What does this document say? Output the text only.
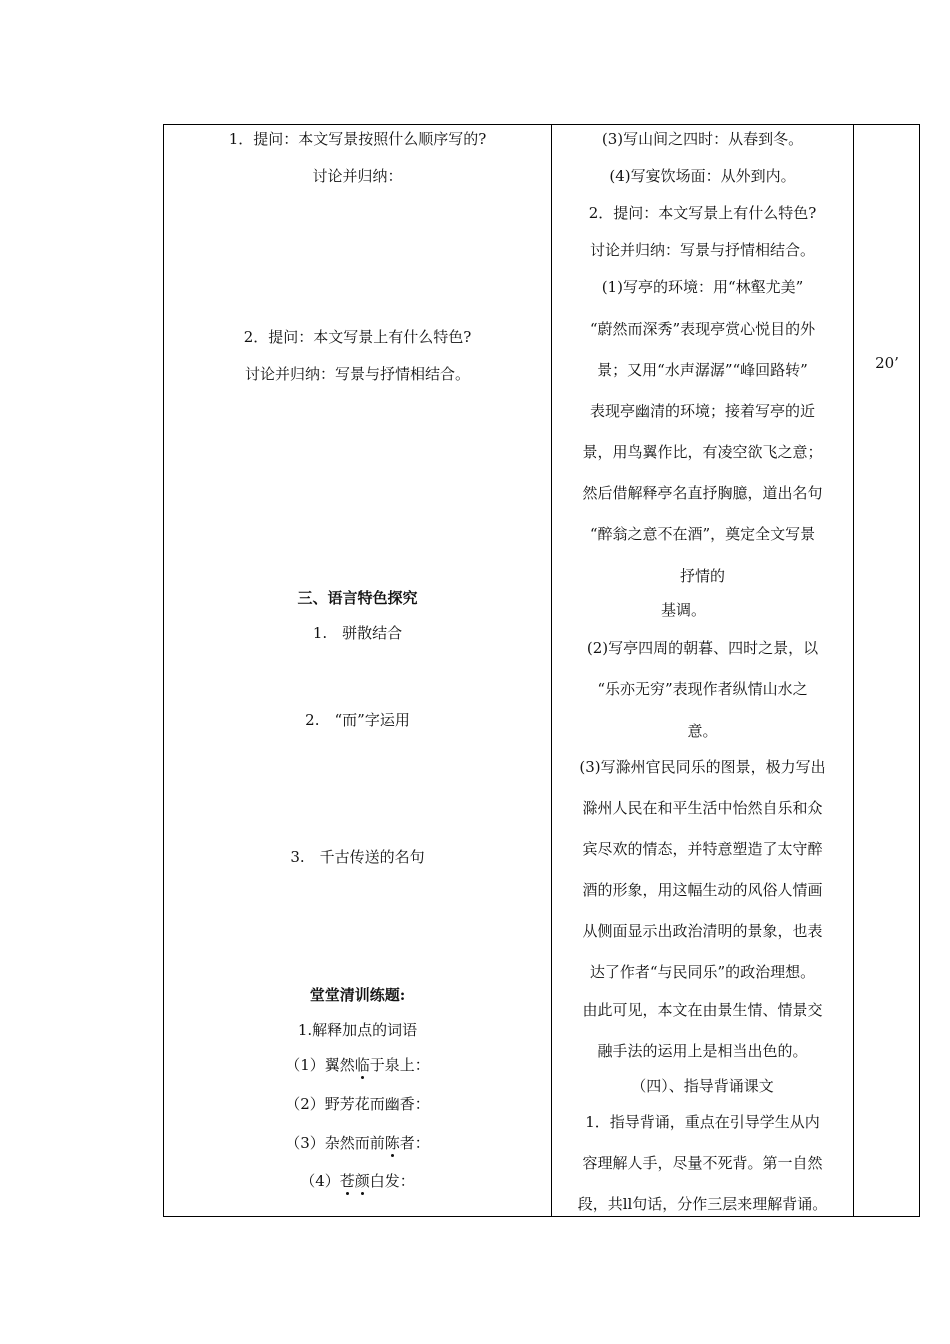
1．提问：本文写景按照什么顺序写的?
讨论并归纳：
2．提问：本文写景上有什么特色?
讨论并归纳：写景与抒情相结合。
三、语言特色探究
1.　骈散结合
2.　“而”字运用
3.　千古传送的名句
堂堂清训练题:
1.解释加点的词语
（1）翼然临于泉上：
（2）野芳花而幽香：
（3）杂然而前陈者：
（4）苍颜白发：
(3)写山间之四时：从春到冬。
(4)写宴饮场面：从外到内。
2．提问：本文写景上有什么特色?
讨论并归纳：写景与抒情相结合。
(1)写亭的环境：用“林壑尤美”
“蔚然而深秀”表现亭赏心悦目的外
景；又用“水声潺潺”“峰回路转”
表现亭幽清的环境；接着写亭的近
景，用鸟翼作比，有凌空欲飞之意；
然后借解释亭名直抒胸臆，道出名句
“醉翁之意不在酒”，奠定全文写景
抒情的
基调。
(2)写亭四周的朝暮、四时之景，以
“乐亦无穷”表现作者纵情山水之
意。
(3)写滁州官民同乐的图景，极力写出
滁州人民在和平生活中怡然自乐和众
宾尽欢的情态，并特意塑造了太守醉
酒的形象，用这幅生动的风俗人情画
从侧面显示出政治清明的景象，也表
达了作者“与民同乐”的政治理想。
由此可见，本文在由景生情、情景交
融手法的运用上是相当出色的。
（四）、指导背诵课文
1．指导背诵，重点在引导学生从内
容理解人手，尽量不死背。第一自然
段，共ll句话，分作三层来理解背诵。
20’
